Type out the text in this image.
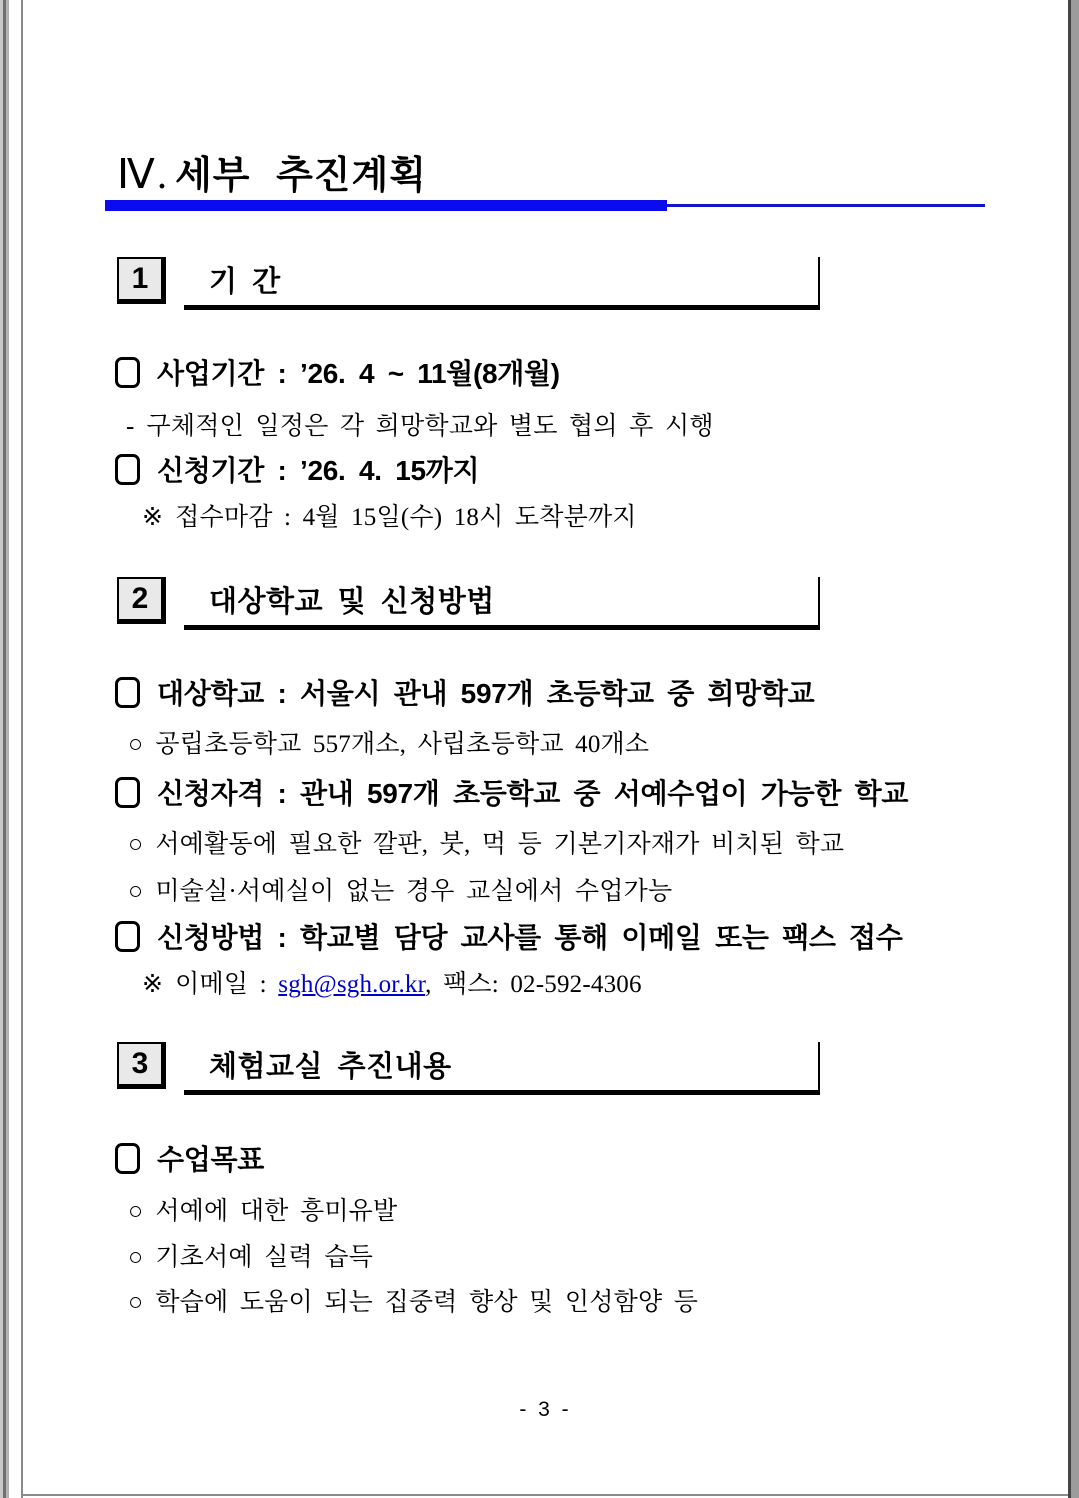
Ⅳ. 세부 추진계획
1	기 간
사업기간 : ’26. 4 ~ 11월(8개월)
- 구체적인 일정은 각 희망학교와 별도 협의 후 시행
신청기간 : ’26. 4. 15까지
※ 접수마감 : 4월 15일(수) 18시 도착분까지
2	대상학교 및 신청방법
대상학교 : 서울시 관내 597개 초등학교 중 희망학교
○ 공립초등학교 557개소, 사립초등학교 40개소
신청자격 : 관내 597개 초등학교 중 서예수업이 가능한 학교
○ 서예활동에 필요한 깔판, 붓, 먹 등 기본기자재가 비치된 학교
○ 미술실·서예실이 없는 경우 교실에서 수업가능
신청방법 : 학교별 담당 교사를 통해 이메일 또는 팩스 접수
※ 이메일 : sgh@sgh.or.kr, 팩스: 02-592-4306
3	체험교실 추진내용
수업목표
○ 서예에 대한 흥미유발
○ 기초서예 실력 습득
○ 학습에 도움이 되는 집중력 향상 및 인성함양 등
- 3 -
